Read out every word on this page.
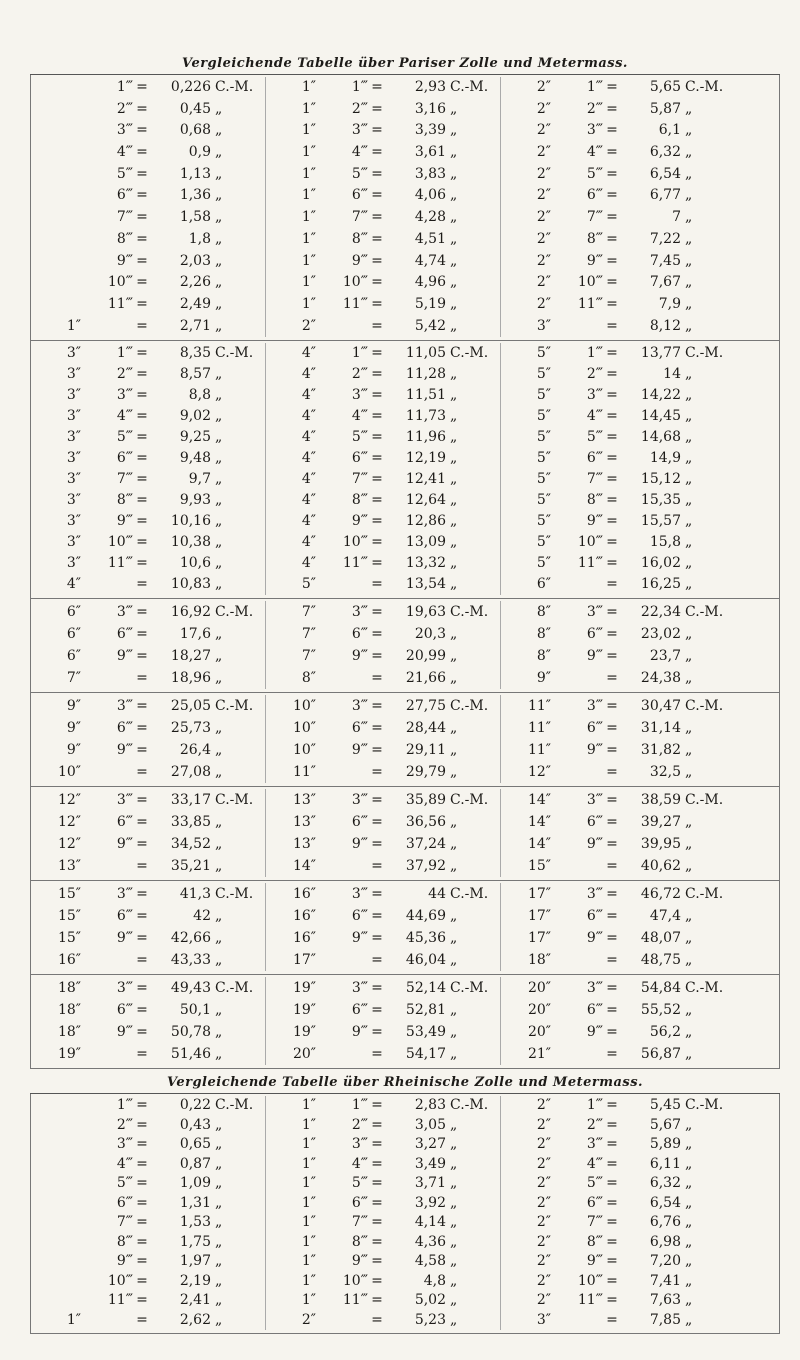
Vergleichende Tabelle über Pariser Zolle und Metermass.
1‴ =	0,226 C.-M.
2‴ =	0,45 „
3‴ =	0,68 „
4‴ =	0,9 „
5‴ =	1,13 „
6‴ =	1,36 „
7‴ =	1,58 „
8‴ =	1,8 „
9‴ =	2,03 „
10‴ =	2,26 „
11‴ =	2,49 „
1″	=	2,71 „
1″	1‴ =	2,93 C.-M.
1″	2‴ =	3,16 „
1″	3‴ =	3,39 „
1″	4‴ =	3,61 „
1″	5‴ =	3,83 „
1″	6‴ =	4,06 „
1″	7‴ =	4,28 „
1″	8‴ =	4,51 „
1″	9‴ =	4,74 „
1″	10‴ =	4,96 „
1″	11‴ =	5,19 „
2″	=	5,42 „
2″	1‴ =	5,65 C.-M.
2″	2‴ =	5,87 „
2″	3‴ =	6,1 „
2″	4‴ =	6,32 „
2″	5‴ =	6,54 „
2″	6‴ =	6,77 „
2″	7‴ =	7 „
2″	8‴ =	7,22 „
2″	9‴ =	7,45 „
2″	10‴ =	7,67 „
2″	11‴ =	7,9 „
3″	=	8,12 „
3″	1‴ =	8,35 C.-M.
3″	2‴ =	8,57 „
3″	3‴ =	8,8 „
3″	4‴ =	9,02 „
3″	5‴ =	9,25 „
3″	6‴ =	9,48 „
3″	7‴ =	9,7 „
3″	8‴ =	9,93 „
3″	9‴ =	10,16 „
3″	10‴ =	10,38 „
3″	11‴ =	10,6 „
4″	=	10,83 „
4″	1‴ =	11,05 C.-M.
4″	2‴ =	11,28 „
4″	3‴ =	11,51 „
4″	4‴ =	11,73 „
4″	5‴ =	11,96 „
4″	6‴ =	12,19 „
4″	7‴ =	12,41 „
4″	8‴ =	12,64 „
4″	9‴ =	12,86 „
4″	10‴ =	13,09 „
4″	11‴ =	13,32 „
5″	=	13,54 „
5″	1‴ =	13,77 C.-M.
5″	2‴ =	14 „
5″	3‴ =	14,22 „
5″	4‴ =	14,45 „
5″	5‴ =	14,68 „
5″	6‴ =	14,9 „
5″	7‴ =	15,12 „
5″	8‴ =	15,35 „
5″	9‴ =	15,57 „
5″	10‴ =	15,8 „
5″	11‴ =	16,02 „
6″	=	16,25 „
6″	3‴ =	16,92 C.-M.
6″	6‴ =	17,6 „
6″	9‴ =	18,27 „
7″	=	18,96 „
7″	3‴ =	19,63 C.-M.
7″	6‴ =	20,3 „
7″	9‴ =	20,99 „
8″	=	21,66 „
8″	3‴ =	22,34 C.-M.
8″	6‴ =	23,02 „
8″	9‴ =	23,7 „
9″	=	24,38 „
9″	3‴ =	25,05 C.-M.
9″	6‴ =	25,73 „
9″	9‴ =	26,4 „
10″	=	27,08 „
10″	3‴ =	27,75 C.-M.
10″	6‴ =	28,44 „
10″	9‴ =	29,11 „
11″	=	29,79 „
11″	3‴ =	30,47 C.-M.
11″	6‴ =	31,14 „
11″	9‴ =	31,82 „
12″	=	32,5 „
12″	3‴ =	33,17 C.-M.
12″	6‴ =	33,85 „
12″	9‴ =	34,52 „
13″	=	35,21 „
13″	3‴ =	35,89 C.-M.
13″	6‴ =	36,56 „
13″	9‴ =	37,24 „
14″	=	37,92 „
14″	3‴ =	38,59 C.-M.
14″	6‴ =	39,27 „
14″	9‴ =	39,95 „
15″	=	40,62 „
15″	3‴ =	41,3 C.-M.
15″	6‴ =	42 „
15″	9‴ =	42,66 „
16″	=	43,33 „
16″	3‴ =	44 C.-M.
16″	6‴ =	44,69 „
16″	9‴ =	45,36 „
17″	=	46,04 „
17″	3‴ =	46,72 C.-M.
17″	6‴ =	47,4 „
17″	9‴ =	48,07 „
18″	=	48,75 „
18″	3‴ =	49,43 C.-M.
18″	6‴ =	50,1 „
18″	9‴ =	50,78 „
19″	=	51,46 „
19″	3‴ =	52,14 C.-M.
19″	6‴ =	52,81 „
19″	9‴ =	53,49 „
20″	=	54,17 „
20″	3‴ =	54,84 C.-M.
20″	6‴ =	55,52 „
20″	9‴ =	56,2 „
21″	=	56,87 „
Vergleichende Tabelle über Rheinische Zolle und Metermass.
1‴ =	0,22 C.-M.
2‴ =	0,43 „
3‴ =	0,65 „
4‴ =	0,87 „
5‴ =	1,09 „
6‴ =	1,31 „
7‴ =	1,53 „
8‴ =	1,75 „
9‴ =	1,97 „
10‴ =	2,19 „
11‴ =	2,41 „
1″	=	2,62 „
1″	1‴ =	2,83 C.-M.
1″	2‴ =	3,05 „
1″	3‴ =	3,27 „
1″	4‴ =	3,49 „
1″	5‴ =	3,71 „
1″	6‴ =	3,92 „
1″	7‴ =	4,14 „
1″	8‴ =	4,36 „
1″	9‴ =	4,58 „
1″	10‴ =	4,8 „
1″	11‴ =	5,02 „
2″	=	5,23 „
2″	1‴ =	5,45 C.-M.
2″	2‴ =	5,67 „
2″	3‴ =	5,89 „
2″	4‴ =	6,11 „
2″	5‴ =	6,32 „
2″	6‴ =	6,54 „
2″	7‴ =	6,76 „
2″	8‴ =	6,98 „
2″	9‴ =	7,20 „
2″	10‴ =	7,41 „
2″	11‴ =	7,63 „
3″	=	7,85 „
